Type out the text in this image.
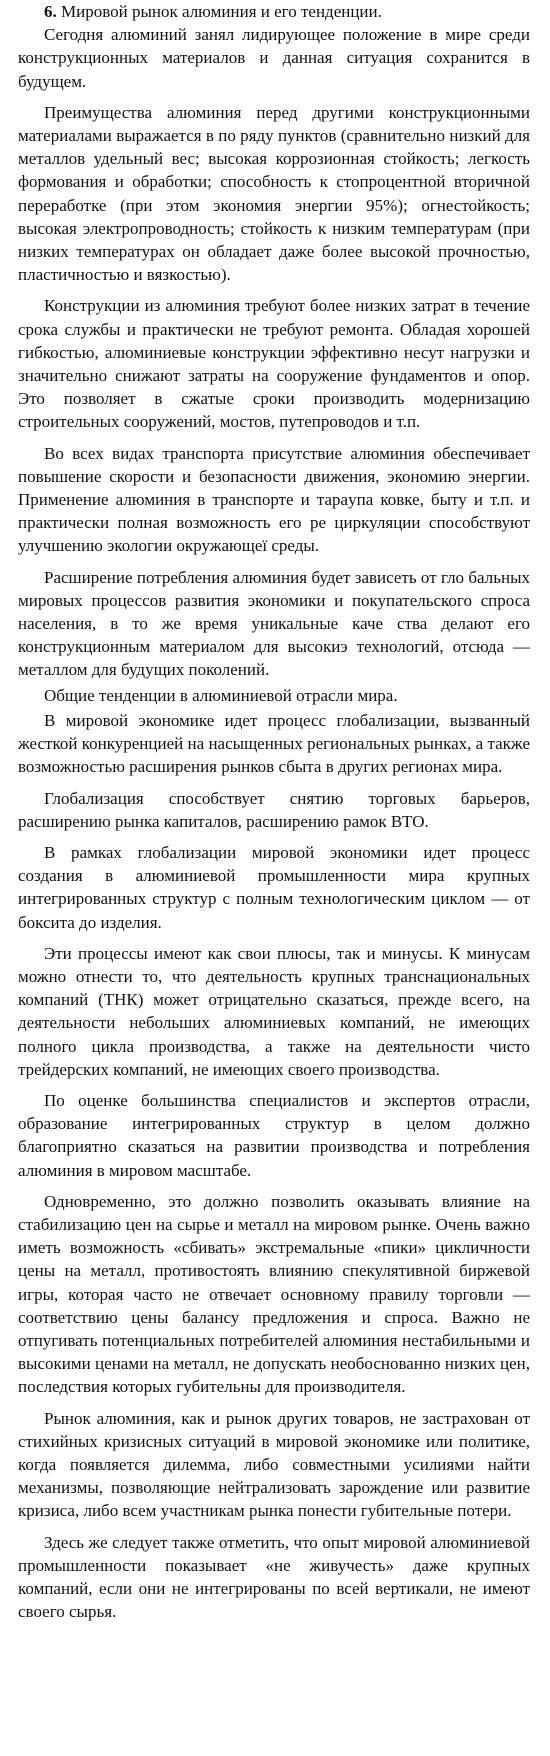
6. Мировой рынок алюминия и его тенденции.

Сегодня алюминий занял лидирующее положение в мире среди конструкционных материалов и данная ситуация сохранится в будущем.

Преимущества алюминия перед другими конструкционными материалами выражается в по ряду пунктов (сравнительно низкий для металлов удельный вес; высокая коррозионная стойкость; легкость формования и обработки; способность к стопроцентной вторичной переработке (при этом экономия энергии 95%); огнестойкость; высокая электропроводность; стойкость к низким температурам (при низких температурах он обладает даже более высокой прочностью, пластичностью и вязкостью).

Конструкции из алюминия требуют более низких затрат в течение срока службы и практически не требуют ремонта. Обладая хорошей гибкостью, алюминиевые конструкции эффективно несут нагрузки и значительно снижают затраты на сооружение фундаментов и опор. Это позволяет в сжатые сроки производить модернизацию строительных сооружений, мостов, путепроводов и т.п.

Во всех видах транспорта присутствие алюминия обеспечивает повышение скорости и безопасности движения, экономию энергии. Применение алюминия в транспорте и тарaупа ковке, быту и т.п. и практически полная возможность его ре циркуляции способствуют улучшению экологии окружающеї среды.

Расширение потребления алюминия будет зависеть от гло бальных мировых процессов развития экономики и покупательского спроса населения, в то же время уникальные каче ства делают его конструкционным материалом для высокиэ технологий, отсюда — металлом для будущих поколений.

Общие тенденции в алюминиевой отрасли мира.

В мировой экономике идет процесс глобализации, вызванный жесткой конкуренцией на насыщенных региональных рынках, а также возможностью расширения рынков сбыта в других регионах мира.

Глобализация способствует снятию торговых барьеров, расширению рынка капиталов, расширению рамок ВТО.

В рамках глобализации мировой экономики идет процесс создания в алюминиевой промышленности мира крупных интегрированных структур с полным технологическим циклом — от боксита до изделия.

Эти процессы имеют как свои плюсы, так и минусы. К минусам можно отнести то, что деятельность крупных транснациональных компаний (ТНК) может отрицательно сказаться, прежде всего, на деятельности небольших алюминиевых компаний, не имеющих полного цикла производства, а также на деятельности чисто трейдерских компаний, не имеющих своего производства.

По оценке большинства специалистов и экспертов отрасли, образование интегрированных структур в целом должно благоприятно сказаться на развитии производства и потребления алюминия в мировом масштабе.

Одновременно, это должно позволить оказывать влияние на стабилизацию цен на сырье и металл на мировом рынке. Очень важно иметь возможность «сбивать» экстремальные «пики» цикличности цены на металл, противостоять влиянию спекулятивной биржевой игры, которая часто не отвечает основному правилу торговли — соответствию цены балансу предложения и спроса. Важно не отпугивать потенциальных потребителей алюминия нестабильными и высокими ценами на металл, не допускать необоснованно низких цен, последствия которых губительны для производителя.

Рынок алюминия, как и рынок других товаров, не застрахован от стихийных кризисных ситуаций в мировой экономике или политике, когда появляется дилемма, либо совместными усилиями найти механизмы, позволяющие нейтрализовать зарождение или развитие кризиса, либо всем участникам рынка понести губительные потери.

Здесь же следует также отметить, что опыт мировой алюминиевой промышленности показывает «не живучесть» даже крупных компаний, если они не интегрированы по всей вертикали, не имеют своего сырья.
